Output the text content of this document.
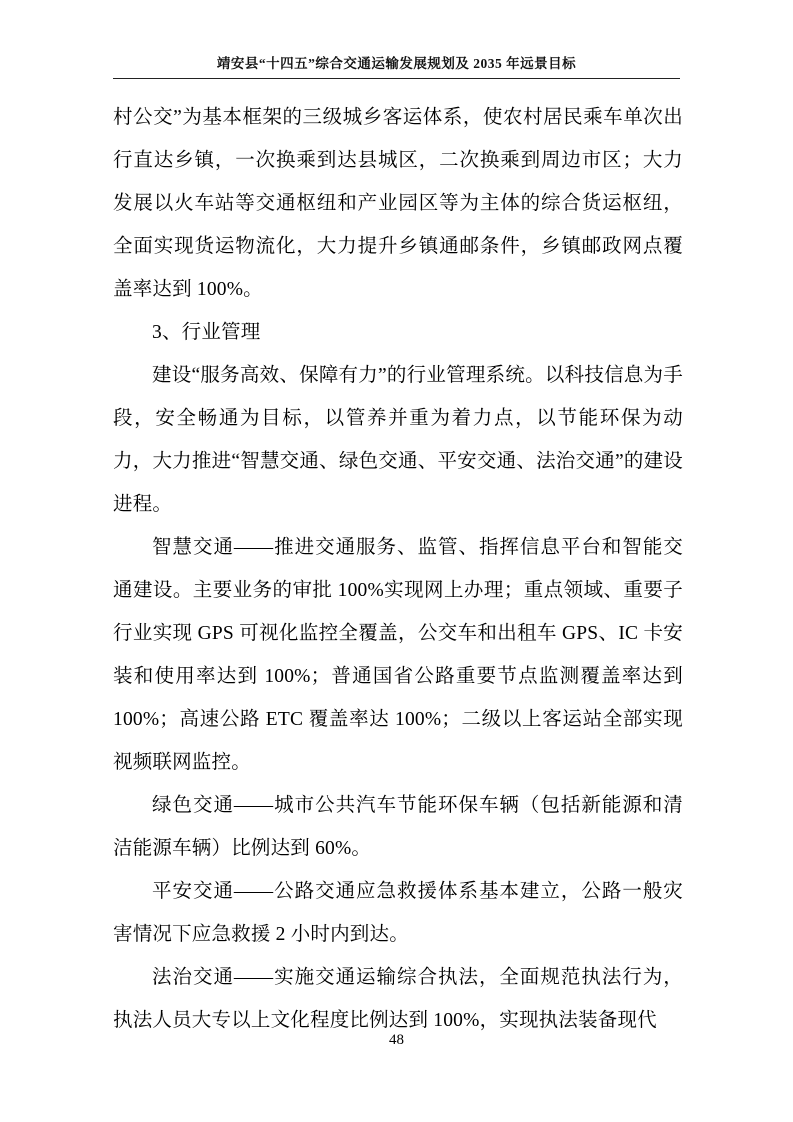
靖安县“十四五”综合交通运输发展规划及 2035 年远景目标

村公交”为基本框架的三级城乡客运体系，使农村居民乘车单次出行直达乡镇，一次换乘到达县城区，二次换乘到周边市区；大力发展以火车站等交通枢纽和产业园区等为主体的综合货运枢纽，全面实现货运物流化，大力提升乡镇通邮条件，乡镇邮政网点覆盖率达到 100%。

3、行业管理

建设“服务高效、保障有力”的行业管理系统。以科技信息为手段，安全畅通为目标，以管养并重为着力点，以节能环保为动力，大力推进“智慧交通、绿色交通、平安交通、法治交通”的建设进程。

智慧交通——推进交通服务、监管、指挥信息平台和智能交通建设。主要业务的审批 100%实现网上办理；重点领域、重要子行业实现 GPS 可视化监控全覆盖，公交车和出租车 GPS、IC 卡安装和使用率达到 100%；普通国省公路重要节点监测覆盖率达到 100%；高速公路 ETC 覆盖率达 100%；二级以上客运站全部实现视频联网监控。

绿色交通——城市公共汽车节能环保车辆（包括新能源和清洁能源车辆）比例达到 60%。

平安交通——公路交通应急救援体系基本建立，公路一般灾害情况下应急救援 2 小时内到达。

法治交通——实施交通运输综合执法，全面规范执法行为，执法人员大专以上文化程度比例达到 100%，实现执法装备现代

48
